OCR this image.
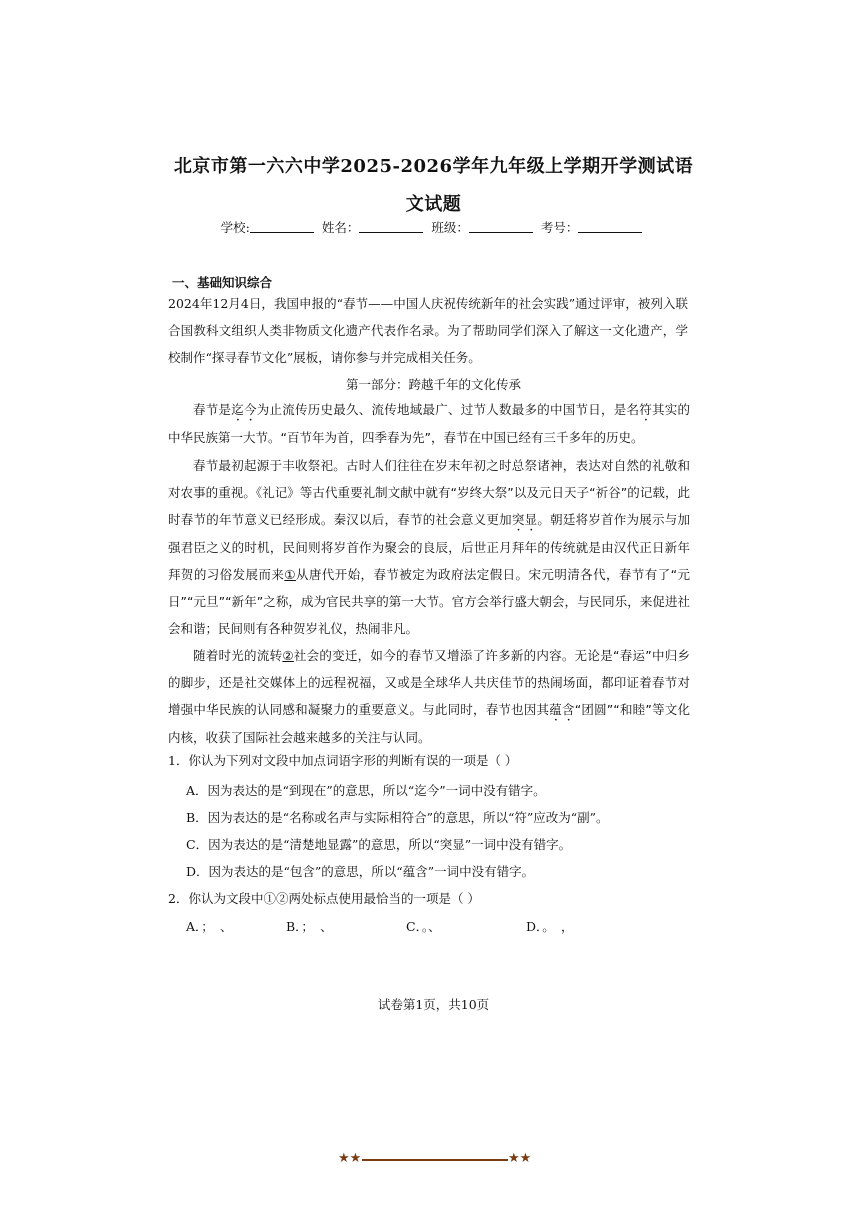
北京市第一六六中学2025-2026学年九年级上学期开学测试语
文试题
学校:	姓名：	班级：	考号：
一、基础知识综合
2024年12月4日，我国申报的“春节——中国人庆祝传统新年的社会实践”通过评审，被列入联合国教科文组织人类非物质文化遗产代表作名录。为了帮助同学们深入了解这一文化遗产，学校制作“探寻春节文化”展板，请你参与并完成相关任务。
第一部分：跨越千年的文化传承
春节是迄今为止流传历史最久、流传地域最广、过节人数最多的中国节日，是名符其实的中华民族第一大节。“百节年为首，四季春为先”，春节在中国已经有三千多年的历史。
春节最初起源于丰收祭祀。古时人们往往在岁末年初之时总祭诸神，表达对自然的礼敬和对农事的重视。《礼记》等古代重要礼制文献中就有“岁终大祭”以及元日天子“祈谷”的记载，此时春节的年节意义已经形成。秦汉以后，春节的社会意义更加突显。朝廷将岁首作为展示与加强君臣之义的时机，民间则将岁首作为聚会的良辰，后世正月拜年的传统就是由汉代正日新年拜贺的习俗发展而来①从唐代开始，春节被定为政府法定假日。宋元明清各代，春节有了“元日”“元旦”“新年”之称，成为官民共享的第一大节。官方会举行盛大朝会，与民同乐，来促进社会和谐；民间则有各种贺岁礼仪，热闹非凡。
随着时光的流转②社会的变迁，如今的春节又增添了许多新的内容。无论是“春运”中归乡的脚步，还是社交媒体上的远程祝福，又或是全球华人共庆佳节的热闹场面，都印证着春节对增强中华民族的认同感和凝聚力的重要意义。与此同时，春节也因其蕴含“团圆”“和睦”等文化内核，收获了国际社会越来越多的关注与认同。
1．你认为下列对文段中加点词语字形的判断有误的一项是（ ）
A．因为表达的是“到现在”的意思，所以“迄今”一词中没有错字。
B．因为表达的是“名称或名声与实际相符合”的意思，所以“符”应改为“副”。
C．因为表达的是“清楚地显露”的意思，所以“突显”一词中没有错字。
D．因为表达的是“包含”的意思，所以“蕴含”一词中没有错字。
2．你认为文段中①②两处标点使用最恰当的一项是（ ）
A．；　、	B．；　、	C．。、	D．。　，
试卷第1页，共10页
★★	★★
